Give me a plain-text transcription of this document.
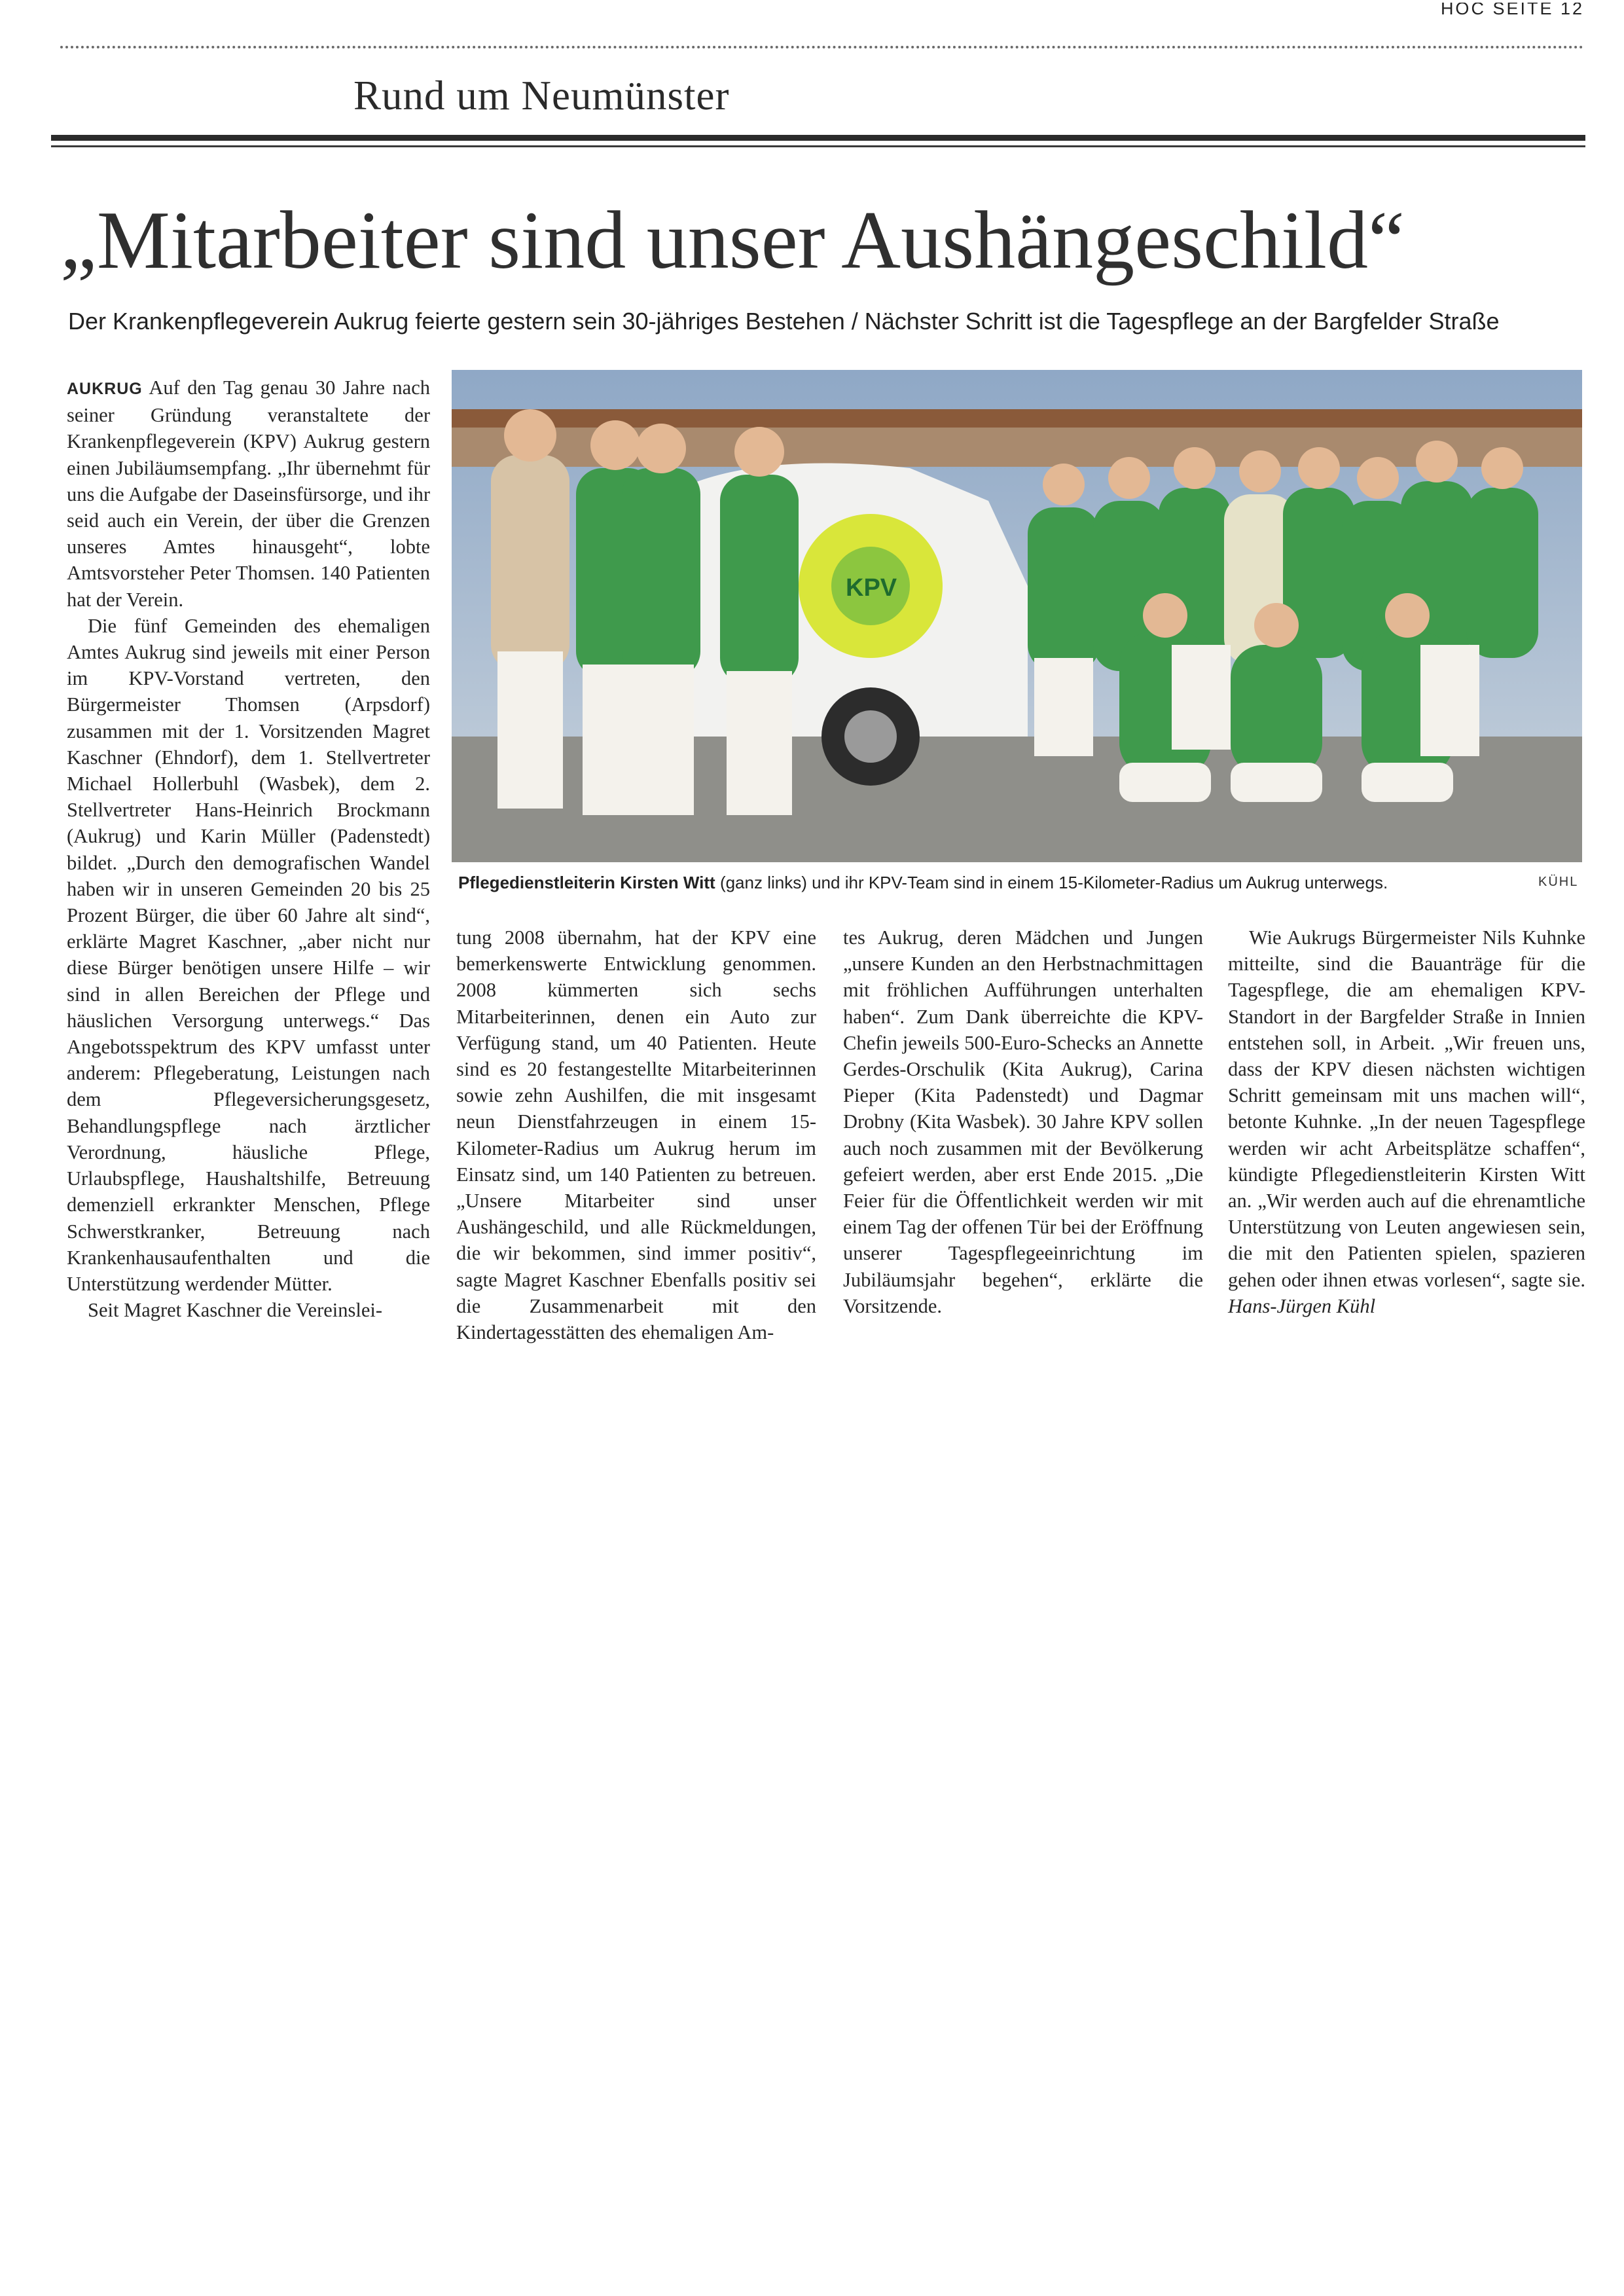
HOC SEITE 12
Rund um Neumünster
„Mitarbeiter sind unser Aushängeschild“
Der Krankenpflegeverein Aukrug feierte gestern sein 30-jähriges Bestehen / Nächster Schritt ist die Tagespflege an der Bargfelder Straße

AUKRUG Auf den Tag genau 30 Jahre nach seiner Gründung veranstaltete der Krankenpflegeverein (KPV) Aukrug gestern einen Jubiläumsempfang. „Ihr übernehmt für uns die Aufgabe der Daseinsfürsorge, und ihr seid auch ein Verein, der über die Grenzen unseres Amtes hinausgeht“, lobte Amtsvorsteher Peter Thomsen. 140 Patienten hat der Verein.

Die fünf Gemeinden des ehemaligen Amtes Aukrug sind jeweils mit einer Person im KPV-Vorstand vertreten, den Bürgermeister Thomsen (Arpsdorf) zusammen mit der 1. Vorsitzenden Magret Kaschner (Ehndorf), dem 1. Stellvertreter Michael Hollerbuhl (Wasbek), dem 2. Stellvertreter Hans-Heinrich Brockmann (Aukrug) und Karin Müller (Padenstedt) bildet. „Durch den demografischen Wandel haben wir in unseren Gemeinden 20 bis 25 Prozent Bürger, die über 60 Jahre alt sind“, erklärte Magret Kaschner, „aber nicht nur diese Bürger benötigen unsere Hilfe – wir sind in allen Bereichen der Pflege und häuslichen Versorgung unterwegs.“ Das Angebotsspektrum des KPV umfasst unter anderem: Pflegeberatung, Leistungen nach dem Pflegeversicherungsgesetz, Behandlungspflege nach ärztlicher Verordnung, häusliche Pflege, Urlaubspflege, Haushaltshilfe, Betreuung demenziell erkrankter Menschen, Pflege Schwerstkranker, Betreuung nach Krankenhausaufenthalten und die Unterstützung werdender Mütter.

Seit Magret Kaschner die Vereinslei-

KPV
Pflegedienstleiterin Kirsten Witt (ganz links) und ihr KPV-Team sind in einem 15-Kilometer-Radius um Aukrug unterwegs.	KÜHL

tung 2008 übernahm, hat der KPV eine bemerkenswerte Entwicklung genommen. 2008 kümmerten sich sechs Mitarbeiterinnen, denen ein Auto zur Verfügung stand, um 40 Patienten. Heute sind es 20 festangestellte Mitarbeiterinnen sowie zehn Aushilfen, die mit insgesamt neun Dienstfahrzeugen in einem 15-Kilometer-Radius um Aukrug herum im Einsatz sind, um 140 Patienten zu betreuen. „Unsere Mitarbeiter sind unser Aushängeschild, und alle Rückmeldungen, die wir bekommen, sind immer positiv“, sagte Magret Kaschner Ebenfalls positiv sei die Zusammenarbeit mit den Kindertagesstätten des ehemaligen Am-

tes Aukrug, deren Mädchen und Jungen „unsere Kunden an den Herbstnachmittagen mit fröhlichen Aufführungen unterhalten haben“. Zum Dank überreichte die KPV-Chefin jeweils 500-Euro-Schecks an Annette Gerdes-Orschulik (Kita Aukrug), Carina Pieper (Kita Padenstedt) und Dagmar Drobny (Kita Wasbek). 30 Jahre KPV sollen auch noch zusammen mit der Bevölkerung gefeiert werden, aber erst Ende 2015. „Die Feier für die Öffentlichkeit werden wir mit einem Tag der offenen Tür bei der Eröffnung unserer Tagespflegeeinrichtung im Jubiläumsjahr begehen“, erklärte die Vorsitzende.

Wie Aukrugs Bürgermeister Nils Kuhnke mitteilte, sind die Bauanträge für die Tagespflege, die am ehemaligen KPV-Standort in der Bargfelder Straße in Innien entstehen soll, in Arbeit. „Wir freuen uns, dass der KPV diesen nächsten wichtigen Schritt gemeinsam mit uns machen will“, betonte Kuhnke. „In der neuen Tagespflege werden wir acht Arbeitsplätze schaffen“, kündigte Pflegedienstleiterin Kirsten Witt an. „Wir werden auch auf die ehrenamtliche Unterstützung von Leuten angewiesen sein, die mit den Patienten spielen, spazieren gehen oder ihnen etwas vorlesen“, sagte sie. Hans-Jürgen Kühl
